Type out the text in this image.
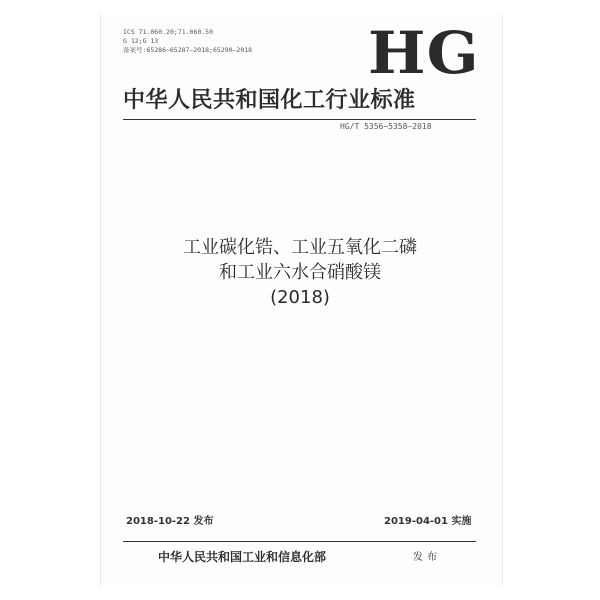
ICS 71.060.20;71.060.50
G 12;G 13
备案号:65286~65287—2018;65290—2018 HG
中华人民共和国化工行业标准
HG/T 5356~5358—2018
工业碳化锆、工业五氧化二磷
和工业六水合硝酸镁
(2018)
2018-10-22 发布	2019-04-01 实施
中华人民共和国工业和信息化部	发布
